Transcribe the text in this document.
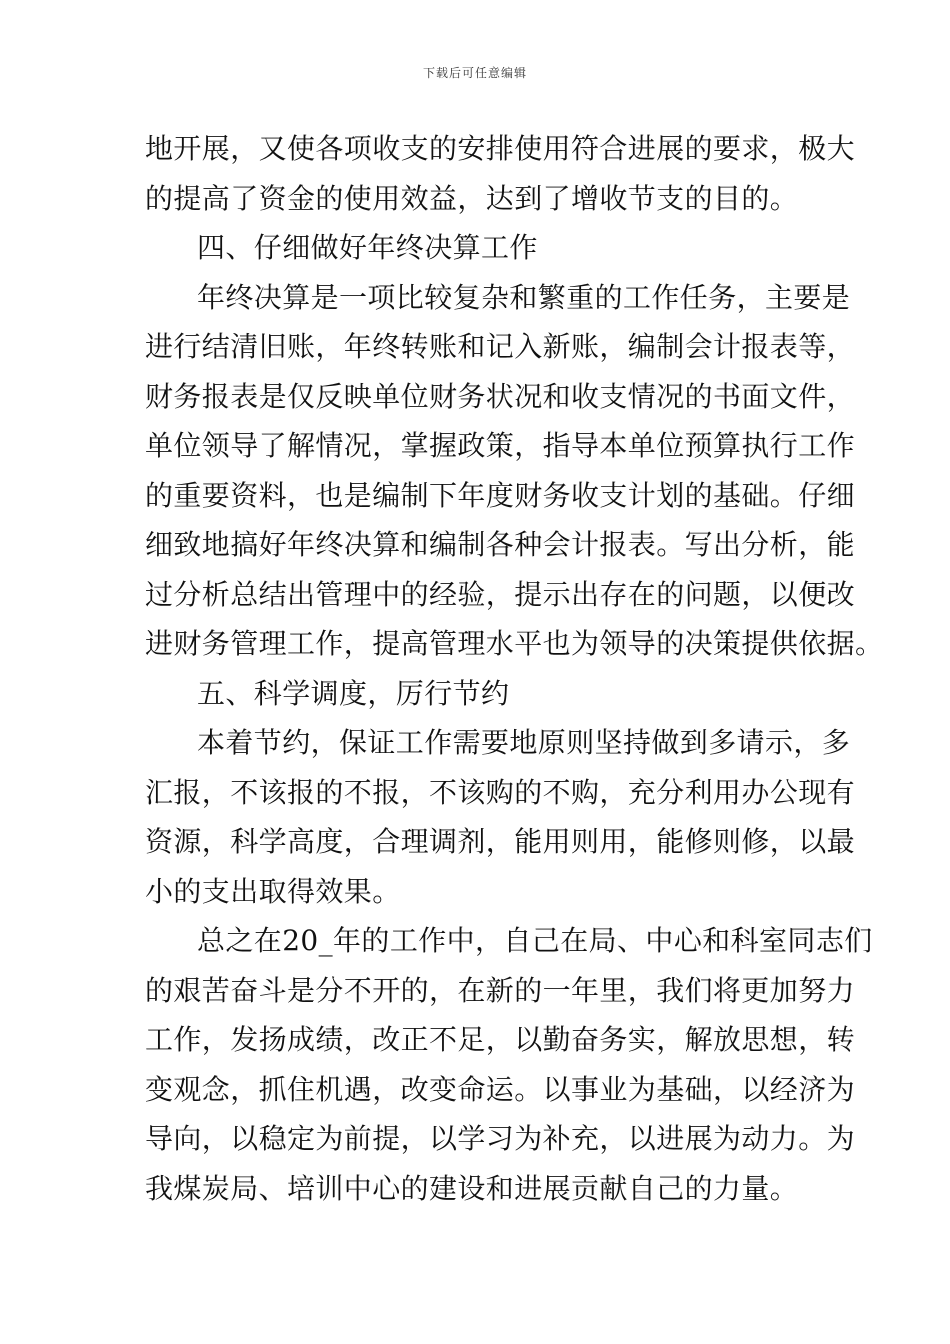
下载后可任意编辑
地开展，又使各项收支的安排使用符合进展的要求，极大
的提高了资金的使用效益，达到了增收节支的目的。
四、仔细做好年终决算工作
年终决算是一项比较复杂和繁重的工作任务，主要是
进行结清旧账，年终转账和记入新账，编制会计报表等，
财务报表是仅反映单位财务状况和收支情况的书面文件，
单位领导了解情况，掌握政策，指导本单位预算执行工作
的重要资料，也是编制下年度财务收支计划的基础。仔细
细致地搞好年终决算和编制各种会计报表。写出分析，能
过分析总结出管理中的经验，提示出存在的问题，以便改
进财务管理工作，提高管理水平也为领导的决策提供依据。
五、科学调度，厉行节约
本着节约，保证工作需要地原则坚持做到多请示，多
汇报，不该报的不报，不该购的不购，充分利用办公现有
资源，科学高度，合理调剂，能用则用，能修则修，以最
小的支出取得效果。
总之在20_年的工作中，自己在局、中心和科室同志们
的艰苦奋斗是分不开的，在新的一年里，我们将更加努力
工作，发扬成绩，改正不足，以勤奋务实，解放思想，转
变观念，抓住机遇，改变命运。以事业为基础，以经济为
导向，以稳定为前提，以学习为补充，以进展为动力。为
我煤炭局、培训中心的建设和进展贡献自己的力量。
